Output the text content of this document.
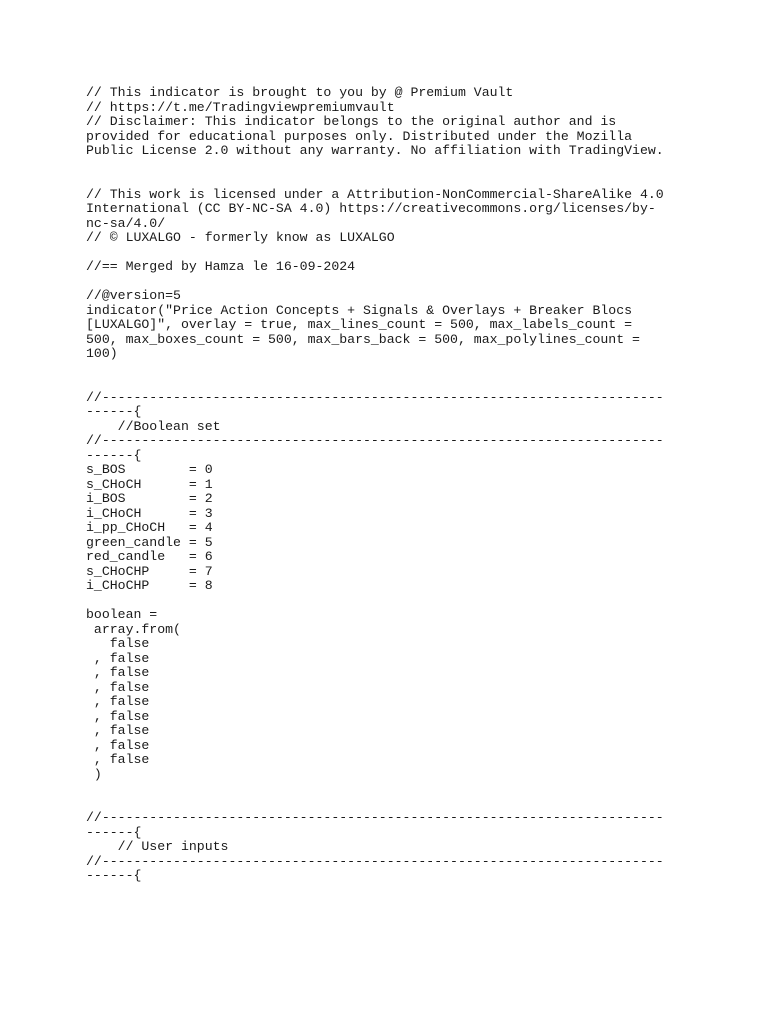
// This indicator is brought to you by @ Premium Vault
// https://t.me/Tradingviewpremiumvault
// Disclaimer: This indicator belongs to the original author and is
provided for educational purposes only. Distributed under the Mozilla
Public License 2.0 without any warranty. No affiliation with TradingView.
// This work is licensed under a Attribution-NonCommercial-ShareAlike 4.0
International (CC BY-NC-SA 4.0) https://creativecommons.org/licenses/by-
nc-sa/4.0/
// © LUXALGO - formerly know as LUXALGO
//== Merged by Hamza le 16-09-2024
//@version=5
indicator("Price Action Concepts + Signals & Overlays + Breaker Blocs
[LUXALGO]", overlay = true, max_lines_count = 500, max_labels_count =
500, max_boxes_count = 500, max_bars_back = 500, max_polylines_count =
100)
//-----------------------------------------------------------------------
------{
//Boolean set
//-----------------------------------------------------------------------
------{
s_BOS        = 0
s_CHoCH      = 1
i_BOS        = 2
i_CHoCH      = 3
i_pp_CHoCH   = 4
green_candle = 5
red_candle   = 6
s_CHoCHP     = 7
i_CHoCHP     = 8
boolean =
array.from(
false
, false
, false
, false
, false
, false
, false
, false
, false
)
//-----------------------------------------------------------------------
------{
// User inputs
//-----------------------------------------------------------------------
------{
